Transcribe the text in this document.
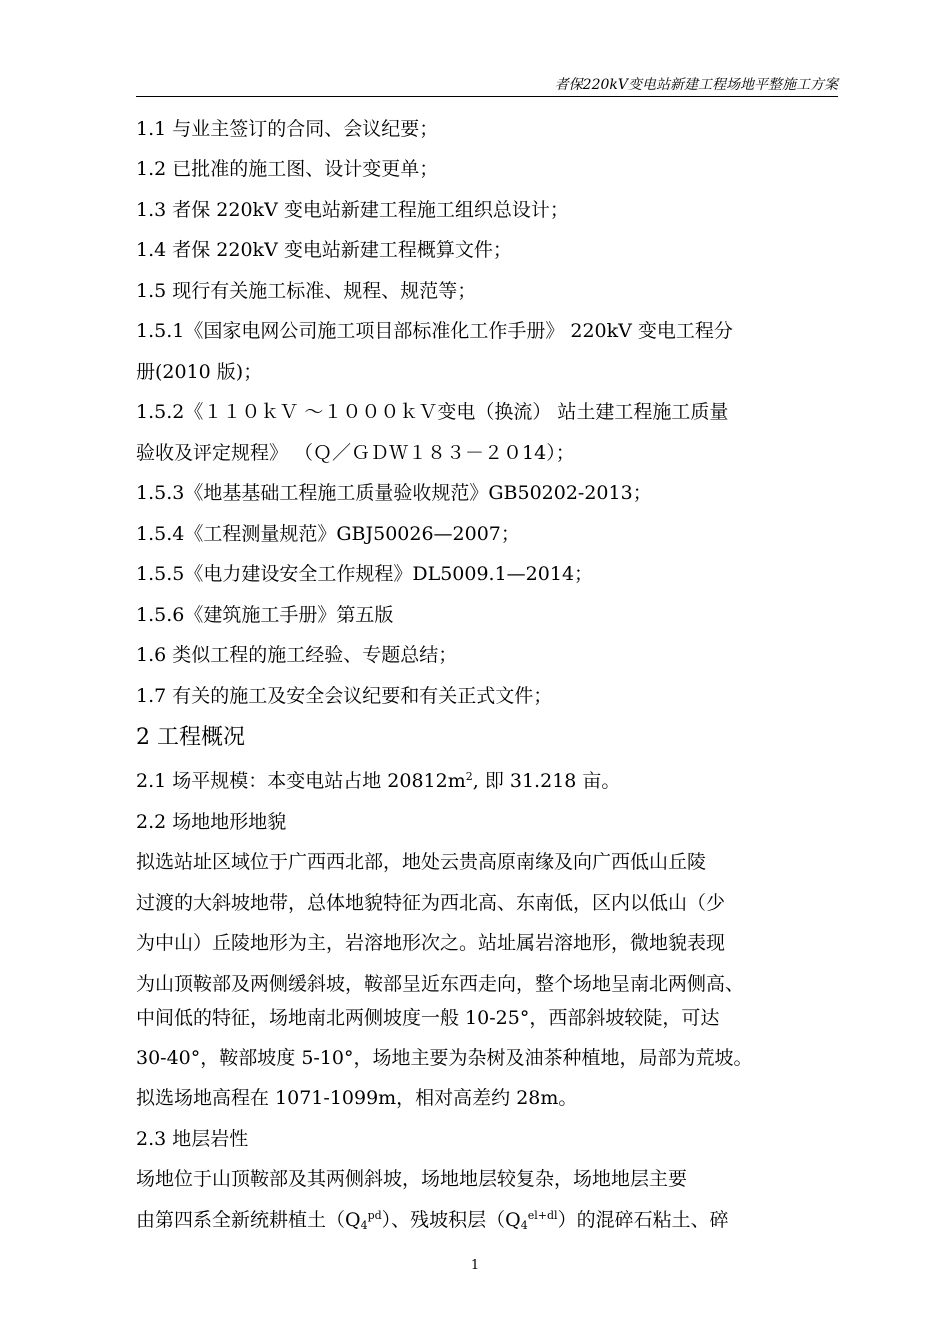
者保220kV变电站新建工程场地平整施工方案
1.1 与业主签订的合同、会议纪要；
1.2 已批准的施工图、设计变更单；
1.3 者保 220kV 变电站新建工程施工组织总设计；
1.4 者保 220kV 变电站新建工程概算文件；
1.5 现行有关施工标准、规程、规范等；
1.5.1《国家电网公司施工项目部标准化工作手册》 220kV 变电工程分
册(2010 版)；
1.5.2《１１０ｋＶ ～１０００ｋＶ变电（换流） 站土建工程施工质量
验收及评定规程》 （Ｑ／ＧＤＷ１８３－２０14）；
1.5.3《地基基础工程施工质量验收规范》GB50202-2013；
1.5.4《工程测量规范》GBJ50026—2007；
1.5.5《电力建设安全工作规程》DL5009.1—2014；
1.5.6《建筑施工手册》第五版
1.6 类似工程的施工经验、专题总结；
1.7 有关的施工及安全会议纪要和有关正式文件；
2 工程概况
2.1 场平规模：本变电站占地 $20812m^2$, 即 31.218 亩。
2.2 场地地形地貌
拟选站址区域位于广西西北部，地处云贵高原南缘及向广西低山丘陵
过渡的大斜坡地带，总体地貌特征为西北高、东南低，区内以低山（少
为中山）丘陵地形为主，岩溶地形次之。站址属岩溶地形，微地貌表现
为山顶鞍部及两侧缓斜坡，鞍部呈近东西走向，整个场地呈南北两侧高、
中间低的特征，场地南北两侧坡度一般 10-25°，西部斜坡较陡，可达
30-40°，鞍部坡度 5-10°，场地主要为杂树及油茶种植地，局部为荒坡。
拟选场地高程在 1071-1099m，相对高差约 28m。
2.3 地层岩性
场地位于山顶鞍部及其两侧斜坡，场地地层较复杂，场地地层主要
由第四系全新统耕植土$(Q_4^{pd})$、残坡积层$(Q_4^{el+dl})$的混碎石粘土、碎
1
